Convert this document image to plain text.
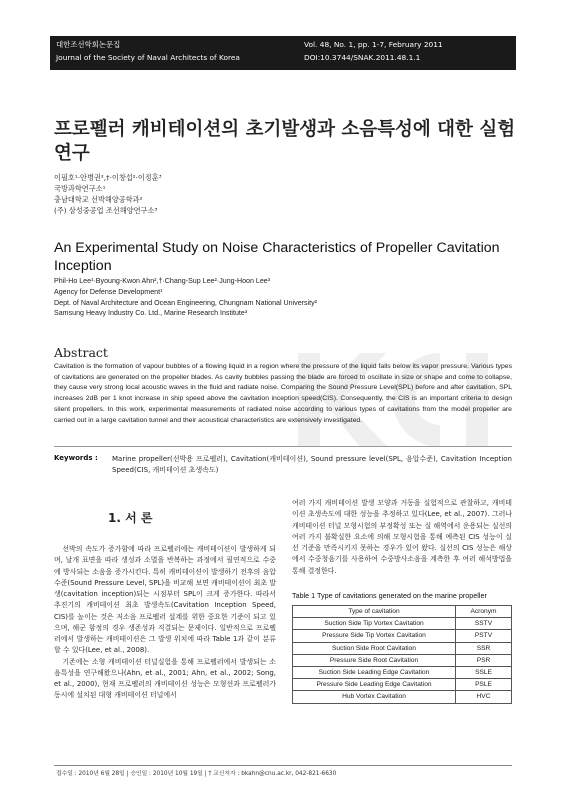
대한조선학회논문집
Journal of the Society of Naval Architects of Korea
Vol. 48, No. 1, pp. 1-7, February 2011
DOI:10.3744/SNAK.2011.48.1.1
프로펠러 캐비테이션의 초기발생과 소음특성에 대한 실험연구
이필호¹·안병권²,†·이창섭²·이정훈³
국방과학연구소¹
충남대학교 선박해양공학과²
(주) 삼성중공업 조선해양연구소³
An Experimental Study on Noise Characteristics of Propeller Cavitation Inception
Phil-Ho Lee¹·Byoung-Kwon Ahn²,†·Chang-Sup Lee²·Jung-Hoon Lee³
Agency for Defense Development¹
Dept. of Naval Architecture and Ocean Engineering, Chungnam National University²
Samsung Heavy Industry Co. Ltd., Marine Research Institute³
Abstract
Cavitation is the formation of vapour bubbles of a flowing liquid in a region where the pressure of the liquid falls below its vapor pressure. Various types of cavitations are generated on the propeller blades. As cavity bubbles passing the blade are forced to oscillate in size or shape and come to collapse, they cause very strong local acoustic waves in the fluid and radiate noise. Comparing the Sound Pressure Level(SPL) before and after cavitation, SPL increases 2dB per 1 knot increase in ship speed above the cavitation inception speed(CIS). Consequently, the CIS is an important criteria to design silent propellers. In this work, experimental measurements of radiated noise according to various types of cavitations from the model propeller are carried out in a large cavitation tunnel and their acoustical characteristics are extensively investigated.
Keywords : Marine propeller(선박용 프로펠러), Cavitation(캐비테이션), Sound pressure level(SPL, 음압수준), Cavitation Inception Speed(CIS, 캐비테이션 초생속도)
1. 서 론

선박의 속도가 증가함에 따라 프로펠러에는 캐비테이션이 발생하게 되며, 날개 표면을 따라 생성과 소멸을 반복하는 과정에서 필연적으로 수중에 방사되는 소음을 증가시킨다. 특히 캐비테이션이 발생하기 전후의 음압수준(Sound Pressure Level, SPL)을 비교해 보면 캐비테이션이 최초 발생(cavitation inception)되는 시점부터 SPL이 크게 증가한다. 따라서 추진기의 캐비테이션 최초 발생속도(Cavitation Inception Speed, CIS)를 높이는 것은 저소음 프로펠러 설계를 위한 중요한 기준이 되고 있으며, 해군 함정의 경우 생존성과 직결되는 문제이다. 일반적으로 프로펠러에서 발생하는 캐비테이션은 그 발생 위치에 따라 Table 1과 같이 분류할 수 있다(Lee, et al., 2008).

기존에는 소형 캐비테이션 터널실험을 통해 프로펠러에서 발생되는 소음특성을 연구해왔으나(Ahn, et al., 2001; Ahn, et al., 2002; Song, et al., 2000), 현재 프로펠러의 캐비테이션 성능은 모형선과 프로펠러가 동시에 설치된 대형 캐비테이션 터널에서

여러 가지 캐비테이션 발생 모양과 거동을 실험적으로 관찰하고, 캐비테이션 초생속도에 대한 성능을 추정하고 있다(Lee, et al., 2007). 그러나 캐비테이션 터널 모형시험의 부정확성 또는 실 해역에서 운용되는 실선의 여러 가지 불확실한 요소에 의해 모형시험을 통해 예측된 CIS 성능이 실선 기준을 만족시키지 못하는 경우가 있어 왔다. 실선의 CIS 성능은 해상에서 수중청음기를 사용하여 수중방사소음을 계측한 후 여러 해석방법을 통해 결정한다.

Table 1 Type of cavitations generated on the marine propeller
Type of cavitation	Acronym
Suction Side Tip Vortex Cavitation	SSTV
Pressure Side Tip Vortex Cavitation	PSTV
Suction Side Root Cavitation	SSR
Pressure Side Root Cavitation	PSR
Suction Side Leading Edge Cavitation	SSLE
Pressure Side Leading Edge Cavitation	PSLE
Hub Vortex Cavitation	HVC
접수일 : 2010년 6월 28일 | 승인일 : 2010년 10월 19일 | † 교신저자 : bkahn@cnu.ac.kr, 042-821-6630
